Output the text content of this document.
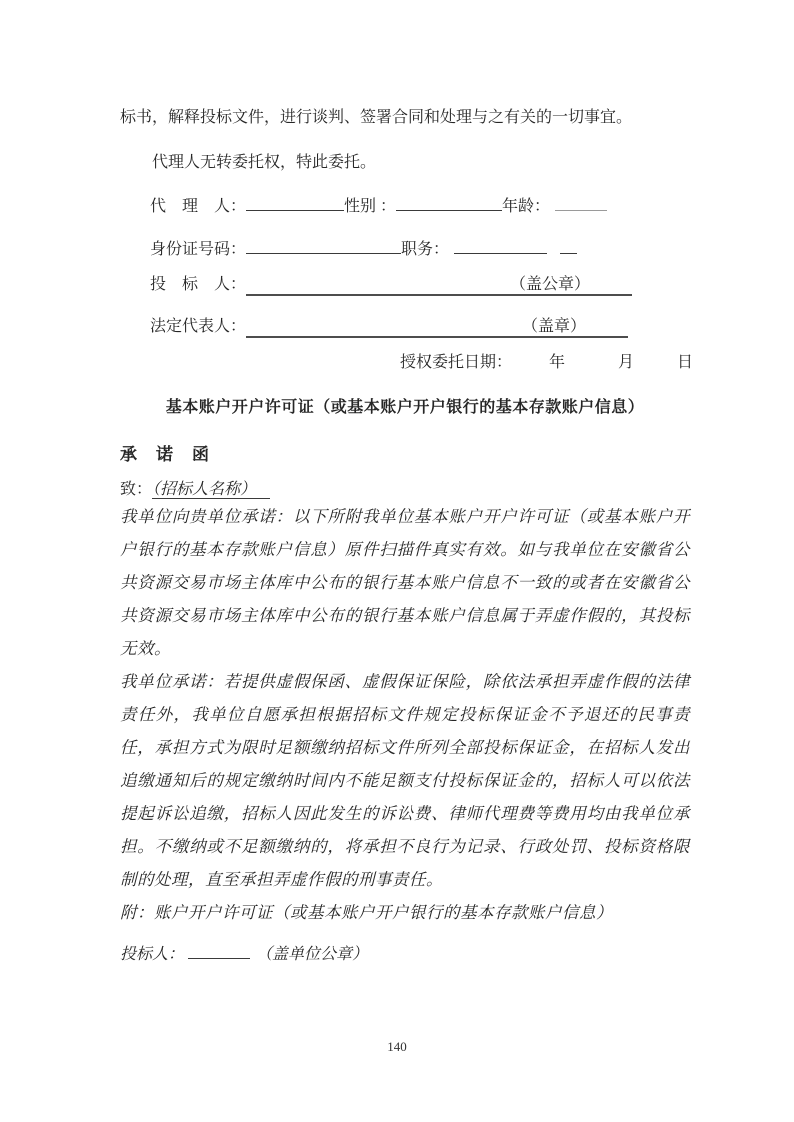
标书，解释投标文件，进行谈判、签署合同和处理与之有关的一切事宜。
代理人无转委托权，特此委托。
代　理　人：	性别 ：	年龄：
身份证号码：	职务：
投　标　人：	（盖公章）
法定代表人：	（盖章）
授权委托日期： 年	月	日
基本账户开户许可证（或基本账户开户银行的基本存款账户信息）
承　诺　函
致：（招标人名称）

我单位向贵单位承诺：以下所附我单位基本账户开户许可证（或基本账户开户银行的基本存款账户信息）原件扫描件真实有效。如与我单位在安徽省公共资源交易市场主体库中公布的银行基本账户信息不一致的或者在安徽省公共资源交易市场主体库中公布的银行基本账户信息属于弄虚作假的，其投标无效。

我单位承诺：若提供虚假保函、虚假保证保险，除依法承担弄虚作假的法律责任外，我单位自愿承担根据招标文件规定投标保证金不予退还的民事责任，承担方式为限时足额缴纳招标文件所列全部投标保证金，在招标人发出追缴通知后的规定缴纳时间内不能足额支付投标保证金的，招标人可以依法提起诉讼追缴，招标人因此发生的诉讼费、律师代理费等费用均由我单位承担。不缴纳或不足额缴纳的，将承担不良行为记录、行政处罚、投标资格限制的处理，直至承担弄虚作假的刑事责任。

附：账户开户许可证（或基本账户开户银行的基本存款账户信息）

投标人：	（盖单位公章）
140
